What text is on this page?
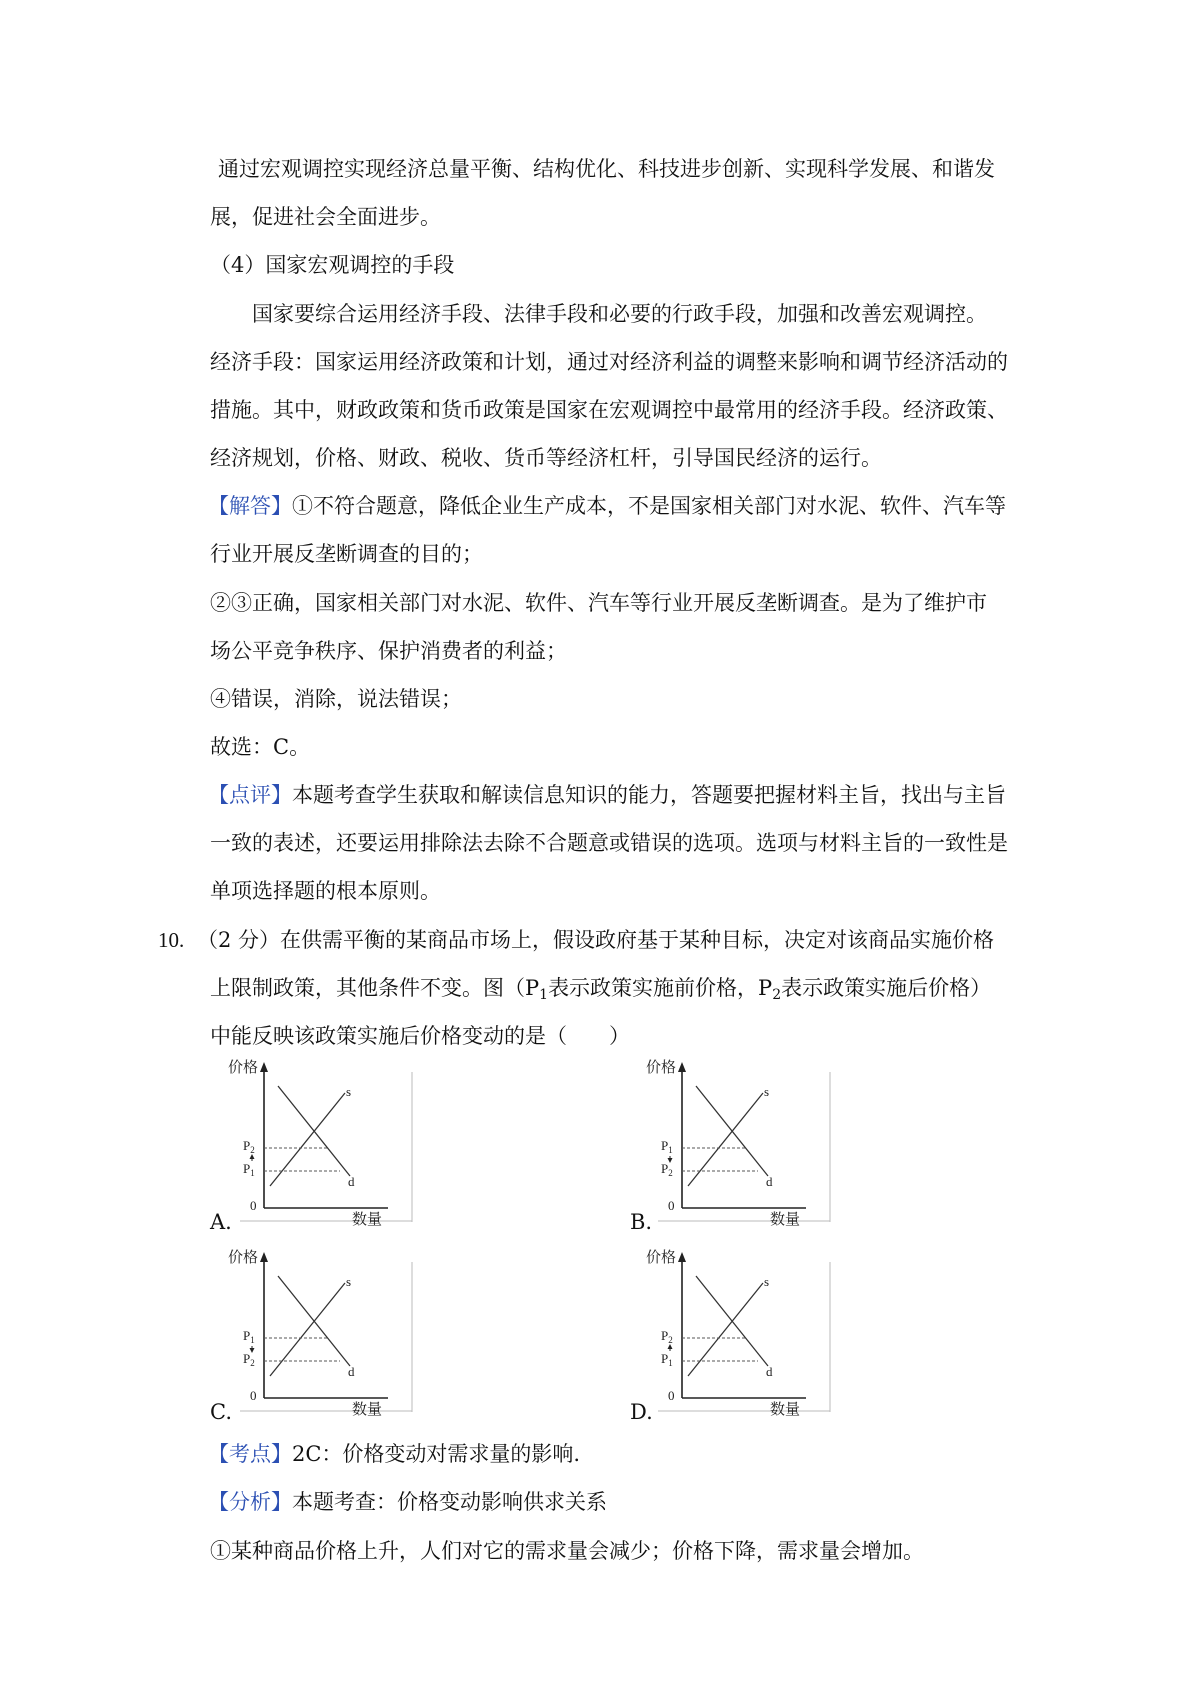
通过宏观调控实现经济总量平衡、结构优化、科技进步创新、实现科学发展、和谐发
展，促进社会全面进步。
（4）国家宏观调控的手段
国家要综合运用经济手段、法律手段和必要的行政手段，加强和改善宏观调控。
经济手段：国家运用经济政策和计划，通过对经济利益的调整来影响和调节经济活动的
措施。其中，财政政策和货币政策是国家在宏观调控中最常用的经济手段。经济政策、
经济规划，价格、财政、税收、货币等经济杠杆，引导国民经济的运行。
【解答】①不符合题意，降低企业生产成本，不是国家相关部门对水泥、软件、汽车等
行业开展反垄断调查的目的；
②③正确，国家相关部门对水泥、软件、汽车等行业开展反垄断调查。是为了维护市
场公平竞争秩序、保护消费者的利益；
④错误，消除，说法错误；
故选：C。
【点评】本题考查学生获取和解读信息知识的能力，答题要把握材料主旨，找出与主旨
一致的表述，还要运用排除法去除不合题意或错误的选项。选项与材料主旨的一致性是
单项选择题的根本原则。
10. （2 分）在供需平衡的某商品市场上，假设政府基于某种目标，决定对该商品实施价格
上限制政策，其他条件不变。图（$P_1$表示政策实施前价格，$P_2$表示政策实施后价格）
中能反映该政策实施后价格变动的是（　　）
A.	B.
C.	D.
价格
数量
0
s
d
$P_2$
$P_1$
价格
数量
0
s
d
$P_1$
$P_2$
价格
数量
0
s
d
$P_1$
$P_2$
价格
数量
0
s
d
$P_2$
$P_1$
【考点】2C：价格变动对需求量的影响.
【分析】本题考查：价格变动影响供求关系
①某种商品价格上升，人们对它的需求量会减少；价格下降，需求量会增加。
